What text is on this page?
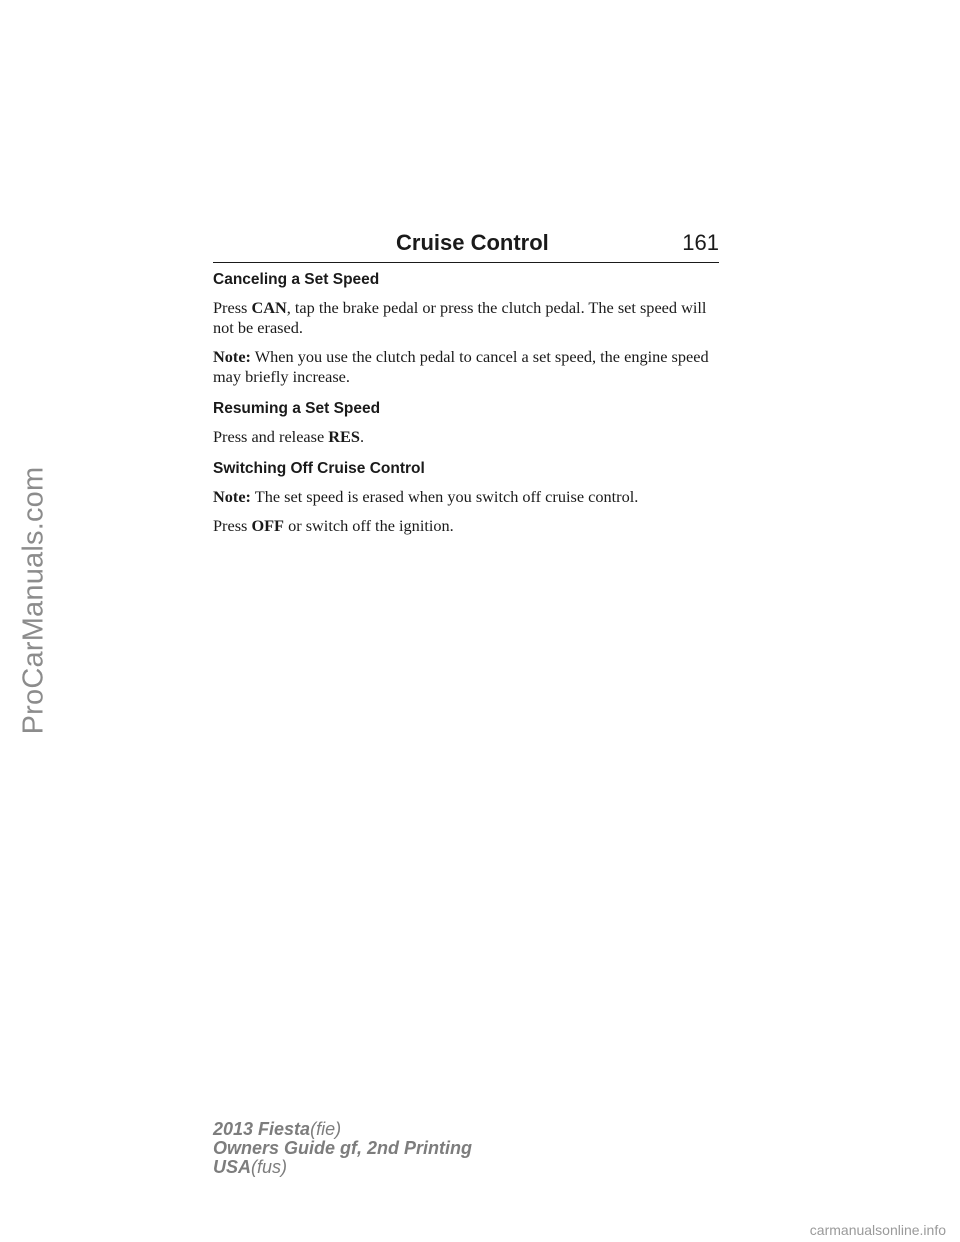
ProCarManuals.com
Cruise Control	161
Canceling a Set Speed

Press CAN, tap the brake pedal or press the clutch pedal. The set speed will not be erased.

Note: When you use the clutch pedal to cancel a set speed, the engine speed may briefly increase.

Resuming a Set Speed

Press and release RES.

Switching Off Cruise Control

Note: The set speed is erased when you switch off cruise control.

Press OFF or switch off the ignition.

2013 Fiesta(fie)
Owners Guide gf, 2nd Printing
USA(fus)
carmanualsonline.info
